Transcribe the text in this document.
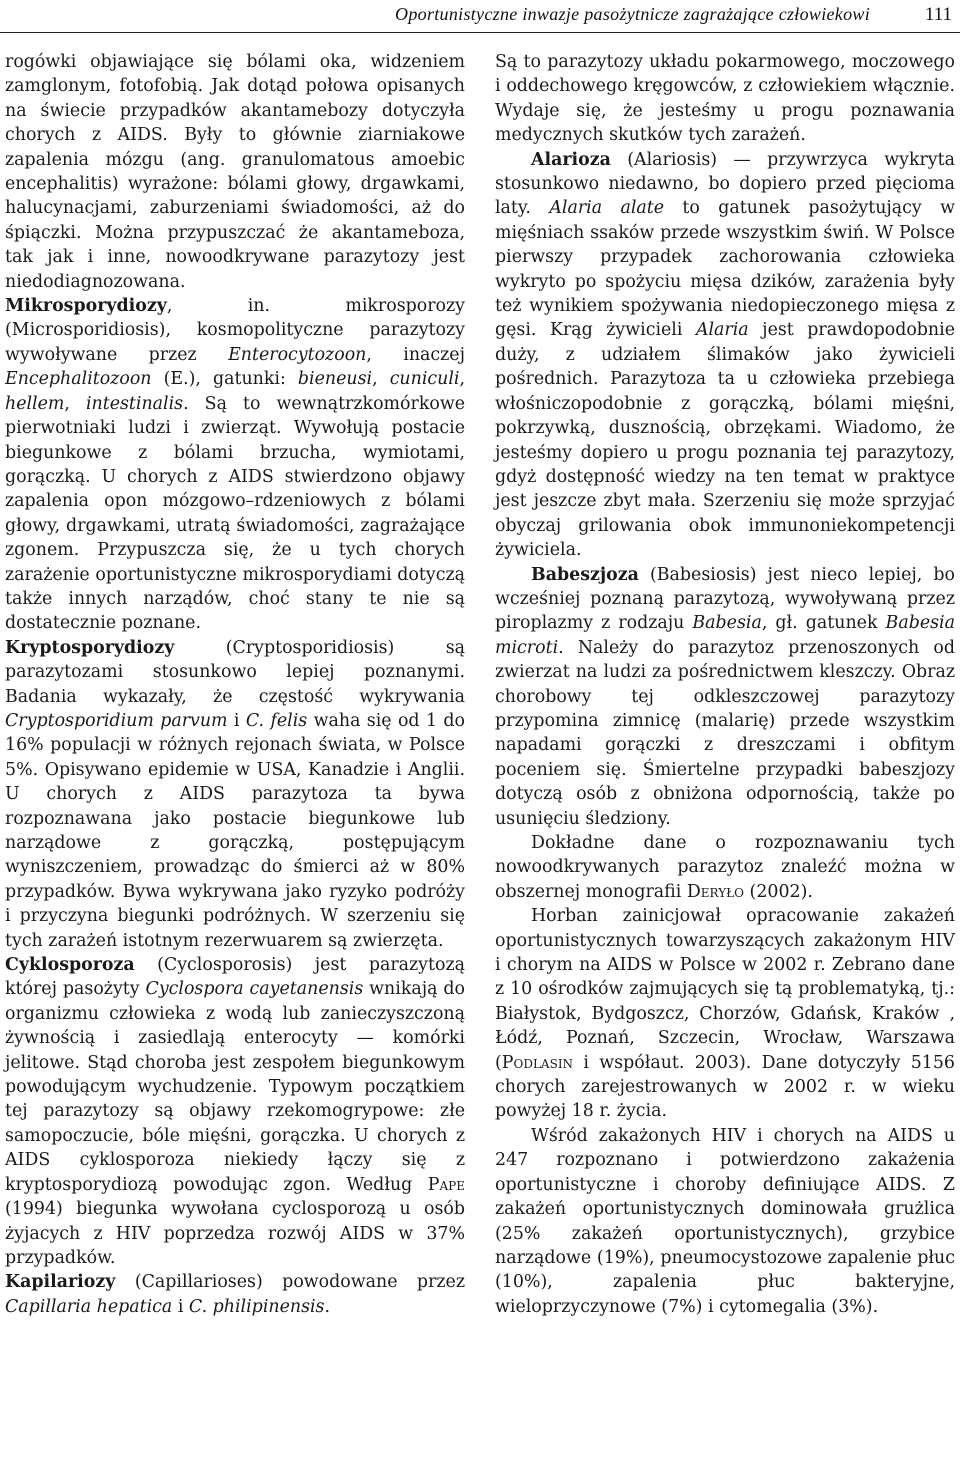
Oportunistyczne inwazje pasożytnicze zagrażające człowiekowi	111

rogówki objawiające się bólami oka, widzeniem zamglonym, fotofobią. Jak dotąd połowa opisanych na świecie przypadków akantamebozy dotyczyła chorych z AIDS. Były to głównie ziarniakowe zapalenia mózgu (ang. granulomatous amoebic encephalitis) wyrażone: bólami głowy, drgawkami, halucynacjami, zaburzeniami świadomości, aż do śpiączki. Można przypuszczać że akantameboza, tak jak i inne, nowoodkrywane parazytozy jest niedodiagnozowana.

Mikrosporydiozy, in. mikrosporozy (Microsporidiosis), kosmopolityczne parazytozy wywoływane przez Enterocytozoon, inaczej Encephalitozoon (E.), gatunki: bieneusi, cuniculi, hellem, intestinalis. Są to wewnątrzkomórkowe pierwotniaki ludzi i zwierząt. Wywołują postacie biegunkowe z bólami brzucha, wymiotami, gorączką. U chorych z AIDS stwierdzono objawy zapalenia opon mózgowo–rdzeniowych z bólami głowy, drgawkami, utratą świadomości, zagrażające zgonem. Przypuszcza się, że u tych chorych zarażenie oportunistyczne mikrosporydiami dotyczą także innych narządów, choć stany te nie są dostatecznie poznane.

Kryptosporydiozy (Cryptosporidiosis) są parazytozami stosunkowo lepiej poznanymi. Badania wykazały, że częstość wykrywania Cryptosporidium parvum i C. felis waha się od 1 do 16% populacji w różnych rejonach świata, w Polsce 5%. Opisywano epidemie w USA, Kanadzie i Anglii. U chorych z AIDS parazytoza ta bywa rozpoznawana jako postacie biegunkowe lub narządowe z gorączką, postępującym wyniszczeniem, prowadząc do śmierci aż w 80% przypadków. Bywa wykrywana jako ryzyko podróży i przyczyna biegunki podróżnych. W szerzeniu się tych zarażeń istotnym rezerwuarem są zwierzęta.

Cyklosporoza (Cyclosporosis) jest parazytozą której pasożyty Cyclospora cayetanensis wnikają do organizmu człowieka z wodą lub zanieczyszczoną żywnością i zasiedlają enterocyty — komórki jelitowe. Stąd choroba jest zespołem biegunkowym powodującym wychudzenie. Typowym początkiem tej parazytozy są objawy rzekomogrypowe: złe samopoczucie, bóle mięśni, gorączka. U chorych z AIDS cyklosporoza niekiedy łączy się z kryptosporydiozą powodując zgon. Według Pape (1994) biegunka wywołana cyclosporozą u osób żyjacych z HIV poprzedza rozwój AIDS w 37% przypadków.

Kapilariozy (Capillarioses) powodowane przez Capillaria hepatica i C. philipinensis.

Są to parazytozy układu pokarmowego, moczowego i oddechowego kręgowców, z człowiekiem włącznie. Wydaje się, że jesteśmy u progu poznawania medycznych skutków tych zarażeń.

Alarioza (Alariosis) — przywrzyca wykryta stosunkowo niedawno, bo dopiero przed pięcioma laty. Alaria alate to gatunek pasożytujący w mięśniach ssaków przede wszystkim świń. W Polsce pierwszy przypadek zachorowania człowieka wykryto po spożyciu mięsa dzików, zarażenia były też wynikiem spożywania niedopieczonego mięsa z gęsi. Krąg żywicieli Alaria jest prawdopodobnie duży, z udziałem ślimaków jako żywicieli pośrednich. Parazytoza ta u człowieka przebiega włośniczopodobnie z gorączką, bólami mięśni, pokrzywką, dusznością, obrzękami. Wiadomo, że jesteśmy dopiero u progu poznania tej parazytozy, gdyż dostępność wiedzy na ten temat w praktyce jest jeszcze zbyt mała. Szerzeniu się może sprzyjać obyczaj grilowania obok immunoniekompetencji żywiciela.

Babeszjoza (Babesiosis) jest nieco lepiej, bo wcześniej poznaną parazytozą, wywoływaną przez piroplazmy z rodzaju Babesia, gł. gatunek Babesia microti. Należy do parazytoz przenoszonych od zwierzat na ludzi za pośrednictwem kleszczy. Obraz chorobowy tej odkleszczowej parazytozy przypomina zimnicę (malarię) przede wszystkim napadami gorączki z dreszczami i obfitym poceniem się. Śmiertelne przypadki babeszjozy dotyczą osób z obniżona odpornością, także po usunięciu śledziony.

Dokładne dane o rozpoznawaniu tych nowoodkrywanych parazytoz znaleźć można w obszernej monografii Deryło (2002).

Horban zainicjował opracowanie zakażeń oportunistycznych towarzyszących zakażonym HIV i chorym na AIDS w Polsce w 2002 r. Zebrano dane z 10 ośrodków zajmujących się tą problematyką, tj.: Białystok, Bydgoszcz, Chorzów, Gdańsk, Kraków , Łódź, Poznań, Szczecin, Wrocław, Warszawa (Podlasin i współaut. 2003). Dane dotyczyły 5156 chorych zarejestrowanych w 2002 r. w wieku powyżej 18 r. życia.

Wśród zakażonych HIV i chorych na AIDS u 247 rozpoznano i potwierdzono zakażenia oportunistyczne i choroby definiujące AIDS. Z zakażeń oportunistycznych dominowała grużlica (25% zakażeń oportunistycznych), grzybice narządowe (19%), pneumocystozowe zapalenie płuc (10%), zapalenia płuc bakteryjne, wieloprzyczynowe (7%) i cytomegalia (3%).
